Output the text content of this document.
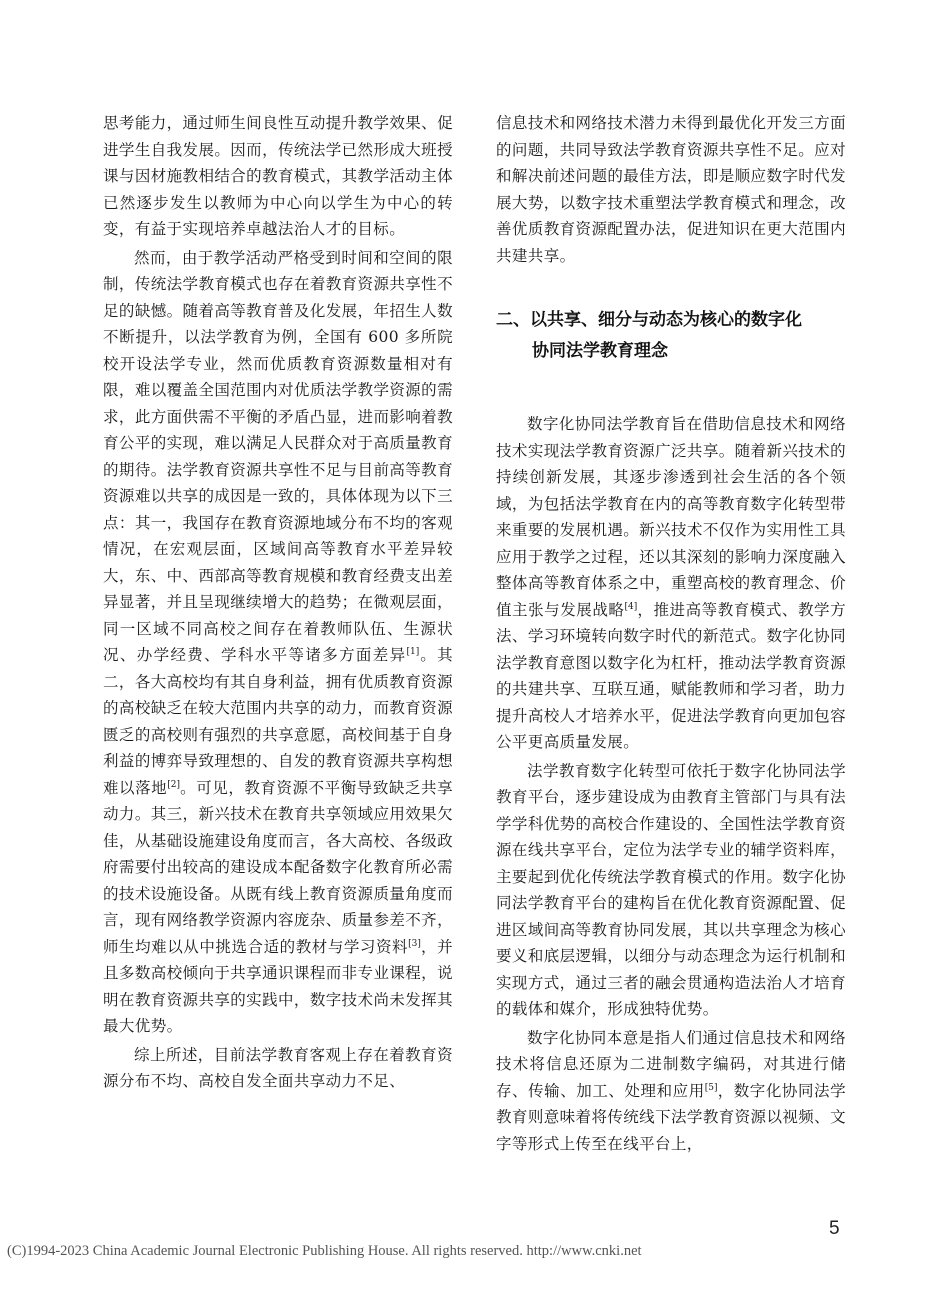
思考能力，通过师生间良性互动提升教学效果、促进学生自我发展。因而，传统法学已然形成大班授课与因材施教相结合的教育模式，其教学活动主体已然逐步发生以教师为中心向以学生为中心的转变，有益于实现培养卓越法治人才的目标。

然而，由于教学活动严格受到时间和空间的限制，传统法学教育模式也存在着教育资源共享性不足的缺憾。随着高等教育普及化发展，年招生人数不断提升，以法学教育为例，全国有 600 多所院校开设法学专业，然而优质教育资源数量相对有限，难以覆盖全国范围内对优质法学教学资源的需求，此方面供需不平衡的矛盾凸显，进而影响着教育公平的实现，难以满足人民群众对于高质量教育的期待。法学教育资源共享性不足与目前高等教育资源难以共享的成因是一致的，具体体现为以下三点：其一，我国存在教育资源地域分布不均的客观情况，在宏观层面，区域间高等教育水平差异较大，东、中、西部高等教育规模和教育经费支出差异显著，并且呈现继续增大的趋势；在微观层面，同一区域不同高校之间存在着教师队伍、生源状况、办学经费、学科水平等诸多方面差异[1]。其二，各大高校均有其自身利益，拥有优质教育资源的高校缺乏在较大范围内共享的动力，而教育资源匮乏的高校则有强烈的共享意愿，高校间基于自身利益的博弈导致理想的、自发的教育资源共享构想难以落地[2]。可见，教育资源不平衡导致缺乏共享动力。其三，新兴技术在教育共享领域应用效果欠佳，从基础设施建设角度而言，各大高校、各级政府需要付出较高的建设成本配备数字化教育所必需的技术设施设备。从既有线上教育资源质量角度而言，现有网络教学资源内容庞杂、质量参差不齐，师生均难以从中挑选合适的教材与学习资料[3]，并且多数高校倾向于共享通识课程而非专业课程，说明在教育资源共享的实践中，数字技术尚未发挥其最大优势。

综上所述，目前法学教育客观上存在着教育资源分布不均、高校自发全面共享动力不足、

信息技术和网络技术潜力未得到最优化开发三方面的问题，共同导致法学教育资源共享性不足。应对和解决前述问题的最佳方法，即是顺应数字时代发展大势，以数字技术重塑法学教育模式和理念，改善优质教育资源配置办法，促进知识在更大范围内共建共享。

二、以共享、细分与动态为核心的数字化
协同法学教育理念

数字化协同法学教育旨在借助信息技术和网络技术实现法学教育资源广泛共享。随着新兴技术的持续创新发展，其逐步渗透到社会生活的各个领域，为包括法学教育在内的高等教育数字化转型带来重要的发展机遇。新兴技术不仅作为实用性工具应用于教学之过程，还以其深刻的影响力深度融入整体高等教育体系之中，重塑高校的教育理念、价值主张与发展战略[4]，推进高等教育模式、教学方法、学习环境转向数字时代的新范式。数字化协同法学教育意图以数字化为杠杆，推动法学教育资源的共建共享、互联互通，赋能教师和学习者，助力提升高校人才培养水平，促进法学教育向更加包容公平更高质量发展。

法学教育数字化转型可依托于数字化协同法学教育平台，逐步建设成为由教育主管部门与具有法学学科优势的高校合作建设的、全国性法学教育资源在线共享平台，定位为法学专业的辅学资料库，主要起到优化传统法学教育模式的作用。数字化协同法学教育平台的建构旨在优化教育资源配置、促进区域间高等教育协同发展，其以共享理念为核心要义和底层逻辑，以细分与动态理念为运行机制和实现方式，通过三者的融会贯通构造法治人才培育的载体和媒介，形成独特优势。

数字化协同本意是指人们通过信息技术和网络技术将信息还原为二进制数字编码，对其进行储存、传输、加工、处理和应用[5]，数字化协同法学教育则意味着将传统线下法学教育资源以视频、文字等形式上传至在线平台上，

5
(C)1994-2023 China Academic Journal Electronic Publishing House. All rights reserved. http://www.cnki.net
